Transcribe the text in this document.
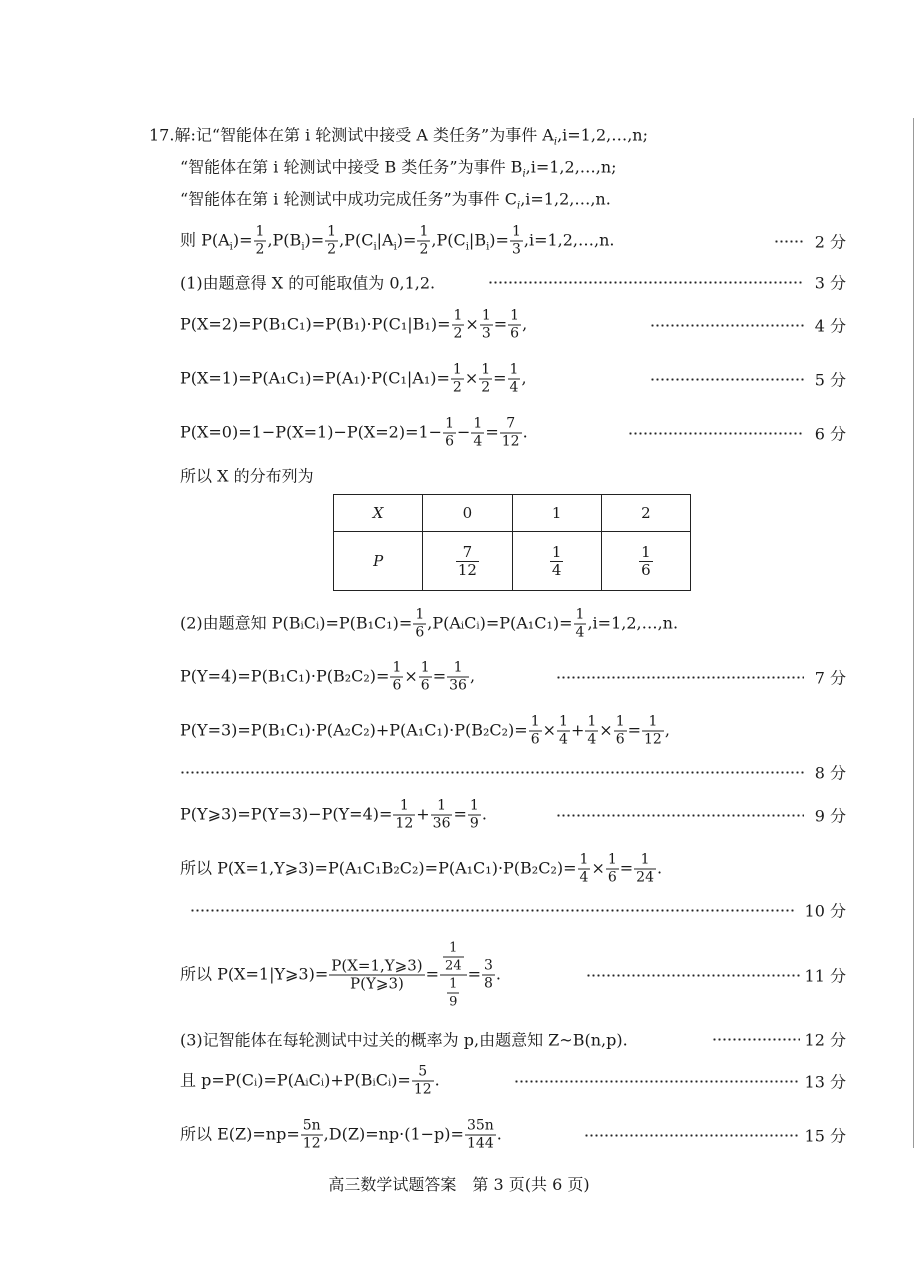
17.解:记“智能体在第 i 轮测试中接受 A 类任务”为事件 $A_i,i=1,2,\dots,n$;
“智能体在第 i 轮测试中接受 B 类任务”为事件 $B_i,i=1,2,\dots,n$;
“智能体在第 i 轮测试中成功完成任务”为事件 $C_i,i=1,2,\dots,n$.
则 $P(A_i)= \frac{1}{2} ,P(B_i)= \frac{1}{2} ,P(C_i|A_i)= \frac{1}{2} ,P(C_i|B_i)= \frac{1}{3}$ ,i=1,2,…,n.	2 分
(1)由题意得 X 的可能取值为 0,1,2.	3 分
$P(X=2)=P(B_1C_1)=P(B_1)\cdot P(C_1|B_1)= \frac{1}{2} \times \frac{1}{3} = \frac{1}{6}$ ,	4 分
$P(X=1)=P(A_1C_1)=P(A_1)\cdot P(C_1|A_1)= \frac{1}{2} \times \frac{1}{2} = \frac{1}{4}$ ,	5 分
$P(X=0)=1-P(X=1)-P(X=2)=1- \frac{1}{6} - \frac{1}{4} = \frac{7}{12}$ .	6 分
所以 X 的分布列为
X	0	1	2
P	$\frac{7}{12}$	$\frac{1}{4}$	$\frac{1}{6}$
(2)由题意知 P(BᵢCᵢ)=P(B₁C₁)= $\frac{1}{6}$ ,P(AᵢCᵢ)=P(A₁C₁)= $\frac{1}{4}$ ,i=1,2,…,n.
$P(Y=4)=P(B_1C_1)\cdot P(B_2C_2)= \frac{1}{6} \times \frac{1}{6} = \frac{1}{36}$ ,	7 分
$P(Y=3)=P(B_1C_1)\cdot P(A_2C_2)+P(A_1C_1)\cdot P(B_2C_2)= \frac{1}{6} \times \frac{1}{4} + \frac{1}{4} \times \frac{1}{6} = \frac{1}{12}$ ,
8 分
P(Y⩾3)=P(Y=3)−P(Y=4)= $\frac{1}{12} + \frac{1}{36} = \frac{1}{9}$ .	9 分
所以 P(X=1,Y⩾3)=P(A₁C₁B₂C₂)=P(A₁C₁)·P(B₂C₂)= $\frac{1}{4} \times \frac{1}{6} = \frac{1}{24}$ .
10 分
所以 P(X=1|Y⩾3)= $\frac{P(X=1,Y⩾3)}{P(Y⩾3)} = \frac{\frac{1}{24}}{\frac{1}{9}} = \frac{3}{8}$ .	11 分
(3)记智能体在每轮测试中过关的概率为 p,由题意知 Z~B(n,p).	12 分
且 p=P(Cᵢ)=P(AᵢCᵢ)+P(BᵢCᵢ)= $\frac{5}{12}$ .	13 分
所以 $E(Z)=np= \frac{5n}{12} ,D(Z)=np\cdot(1-p)= \frac{35n}{144}$ .	15 分
高三数学试题答案　第 3 页(共 6 页)
